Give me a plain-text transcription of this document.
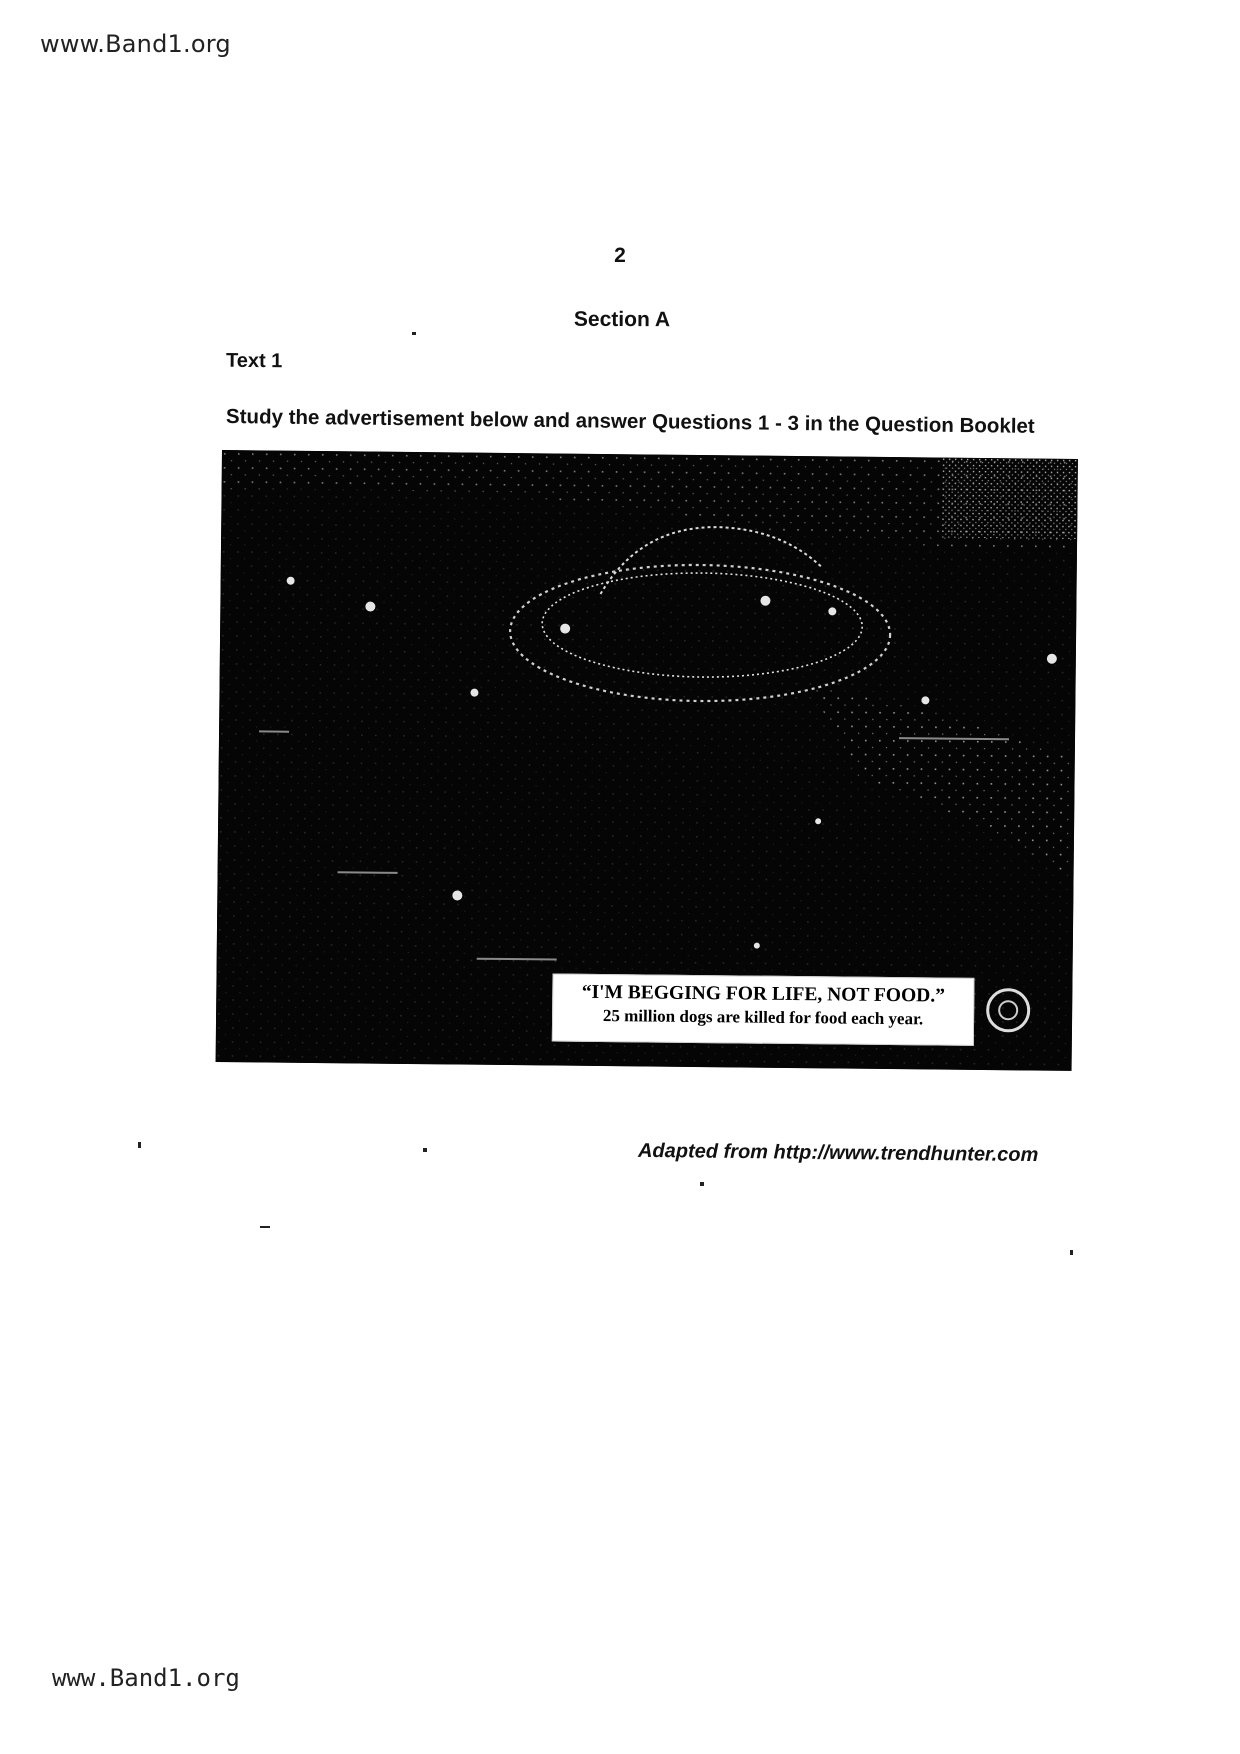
www.Band1.org
2
Section A
Text 1
Study the advertisement below and answer Questions 1 - 3 in the Question Booklet
“I'M BEGGING FOR LIFE, NOT FOOD.”
25 million dogs are killed for food each year.
Adapted from http://www.trendhunter.com
www.Band1.org
